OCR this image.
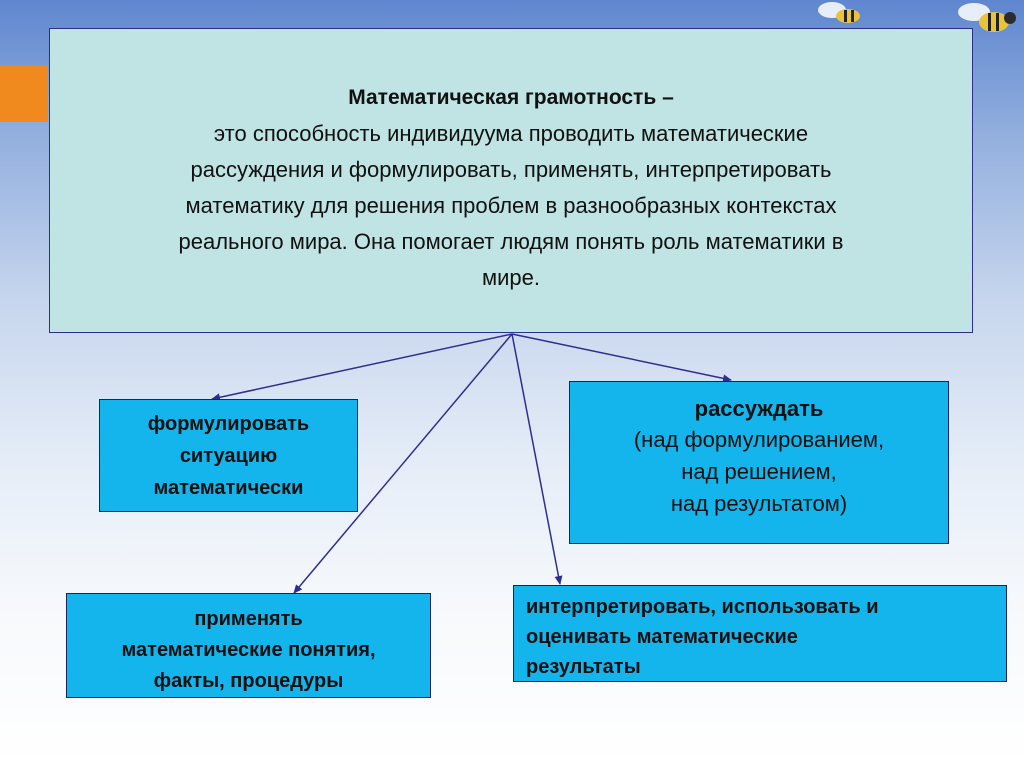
Математическая грамотность –
это способность индивидуума проводить математические
рассуждения и формулировать, применять, интерпретировать
математику для решения проблем в разнообразных контекстах
реального мира. Она помогает людям понять роль математики в
мире.
формулировать
ситуацию
математически
рассуждать
(над формулированием,
над решением,
над результатом)
применять
математические понятия,
факты, процедуры
интерпретировать, использовать и
оценивать математические
результаты
